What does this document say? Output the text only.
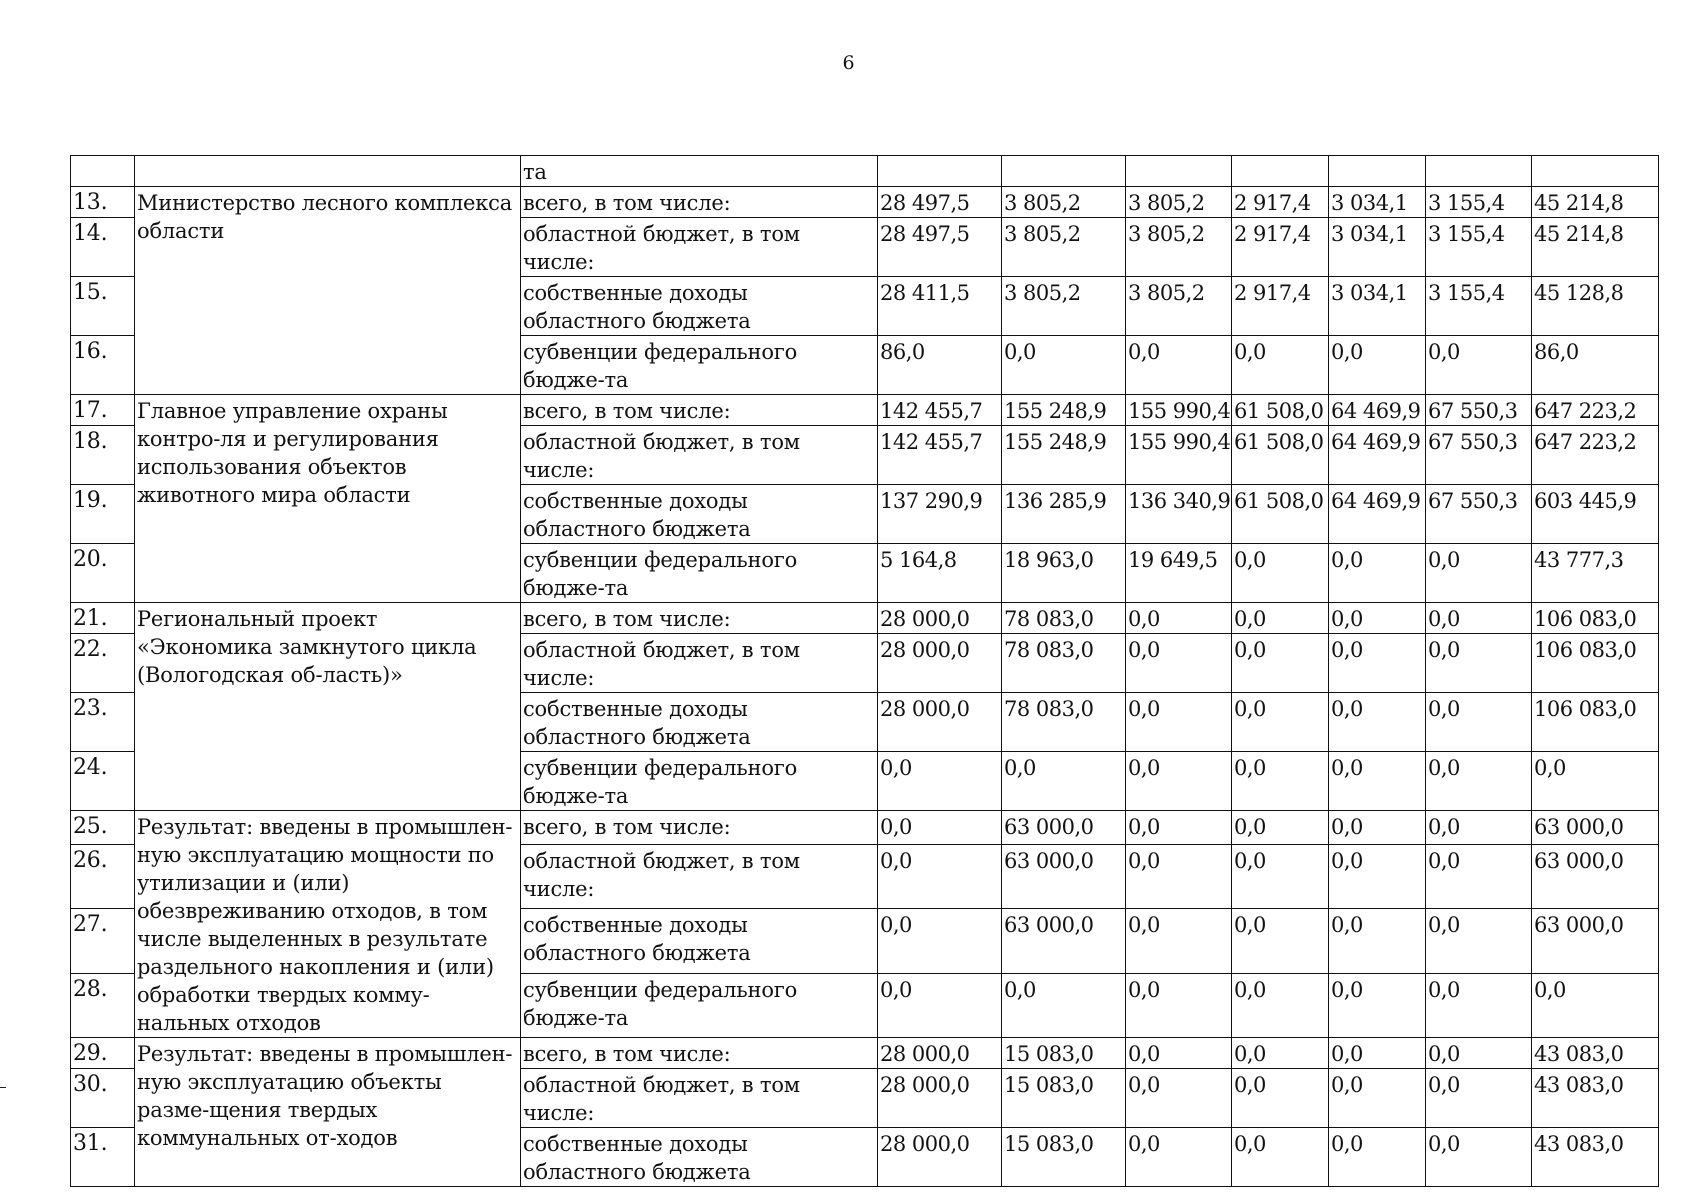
6
		та							
13.	Министерство лесного комплекса области	всего, в том числе:	28 497,5	3 805,2	3 805,2	2 917,4	3 034,1	3 155,4	45 214,8
14.		областной бюджет, в том числе:	28 497,5	3 805,2	3 805,2	2 917,4	3 034,1	3 155,4	45 214,8
15.		собственные доходы областного бюджета	28 411,5	3 805,2	3 805,2	2 917,4	3 034,1	3 155,4	45 128,8
16.		субвенции федерального бюдже-та	86,0	0,0	0,0	0,0	0,0	0,0	86,0
17.	Главное управление охраны контро-ля и регулирования использования объектов животного мира области	всего, в том числе:	142 455,7	155 248,9	155 990,4	61 508,0	64 469,9	67 550,3	647 223,2
18.		областной бюджет, в том числе:	142 455,7	155 248,9	155 990,4	61 508,0	64 469,9	67 550,3	647 223,2
19.		собственные доходы областного бюджета	137 290,9	136 285,9	136 340,9	61 508,0	64 469,9	67 550,3	603 445,9
20.		субвенции федерального бюдже-та	5 164,8	18 963,0	19 649,5	0,0	0,0	0,0	43 777,3
21.	Региональный проект «Экономика замкнутого цикла (Вологодская об-ласть)»	всего, в том числе:	28 000,0	78 083,0	0,0	0,0	0,0	0,0	106 083,0
22.		областной бюджет, в том числе:	28 000,0	78 083,0	0,0	0,0	0,0	0,0	106 083,0
23.		собственные доходы областного бюджета	28 000,0	78 083,0	0,0	0,0	0,0	0,0	106 083,0
24.		субвенции федерального бюдже-та	0,0	0,0	0,0	0,0	0,0	0,0	0,0
25.	Результат: введены в промышлен-ную эксплуатацию мощности по утилизации и (или) обезвреживанию отходов, в том числе выделенных в результате раздельного накопления и (или) обработки твердых комму-нальных отходов	всего, в том числе:	0,0	63 000,0	0,0	0,0	0,0	0,0	63 000,0
26.		областной бюджет, в том числе:	0,0	63 000,0	0,0	0,0	0,0	0,0	63 000,0
27.		собственные доходы областного бюджета	0,0	63 000,0	0,0	0,0	0,0	0,0	63 000,0
28.		субвенции федерального бюдже-та	0,0	0,0	0,0	0,0	0,0	0,0	0,0
29.	Результат: введены в промышлен-ную эксплуатацию объекты разме-щения твердых коммунальных от-ходов	всего, в том числе:	28 000,0	15 083,0	0,0	0,0	0,0	0,0	43 083,0
30.		областной бюджет, в том числе:	28 000,0	15 083,0	0,0	0,0	0,0	0,0	43 083,0
31.		собственные доходы областного бюджета	28 000,0	15 083,0	0,0	0,0	0,0	0,0	43 083,0
